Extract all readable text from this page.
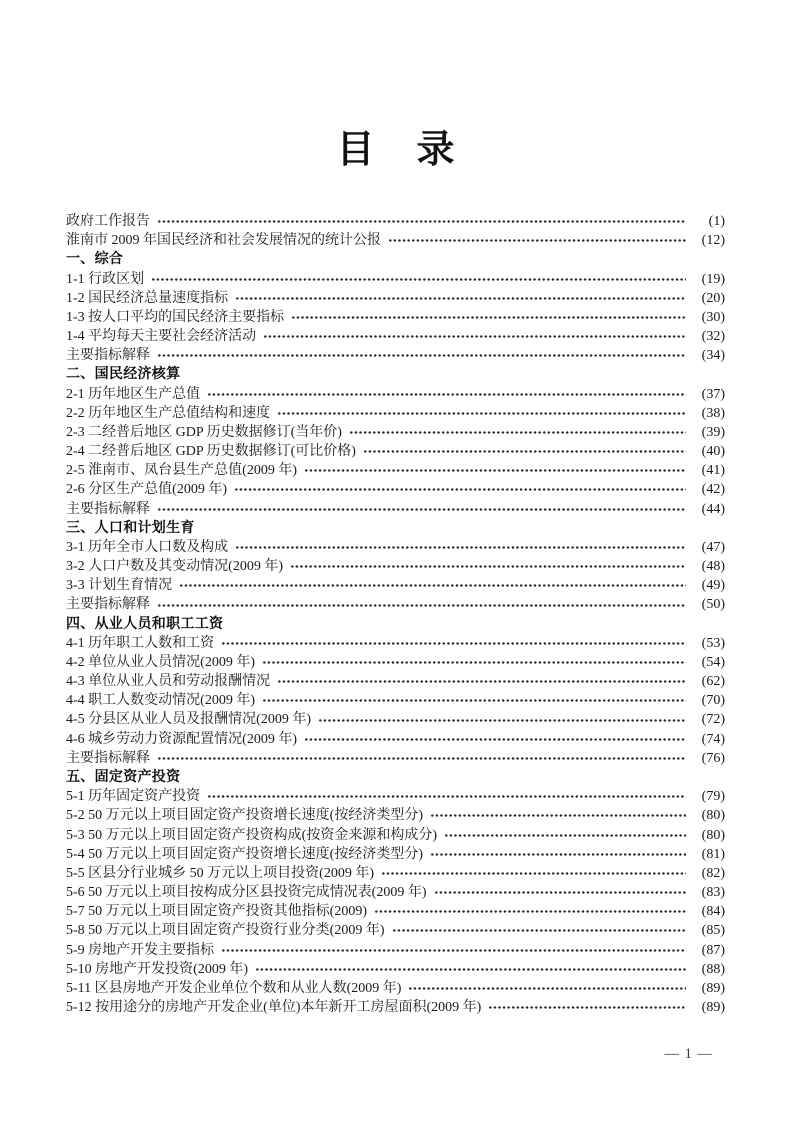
目　录
政府工作报告	(1)
淮南市 2009 年国民经济和社会发展情况的统计公报	(12)
一、综合
1-1 行政区划	(19)
1-2 国民经济总量速度指标	(20)
1-3 按人口平均的国民经济主要指标	(30)
1-4 平均每天主要社会经济活动	(32)
主要指标解释	(34)
二、国民经济核算
2-1 历年地区生产总值	(37)
2-2 历年地区生产总值结构和速度	(38)
2-3 二经普后地区 GDP 历史数据修订(当年价)	(39)
2-4 二经普后地区 GDP 历史数据修订(可比价格)	(40)
2-5 淮南市、凤台县生产总值(2009 年)	(41)
2-6 分区生产总值(2009 年)	(42)
主要指标解释	(44)
三、人口和计划生育
3-1 历年全市人口数及构成	(47)
3-2 人口户数及其变动情况(2009 年)	(48)
3-3 计划生育情况	(49)
主要指标解释	(50)
四、从业人员和职工工资
4-1 历年职工人数和工资	(53)
4-2 单位从业人员情况(2009 年)	(54)
4-3 单位从业人员和劳动报酬情况	(62)
4-4 职工人数变动情况(2009 年)	(70)
4-5 分县区从业人员及报酬情况(2009 年)	(72)
4-6 城乡劳动力资源配置情况(2009 年)	(74)
主要指标解释	(76)
五、固定资产投资
5-1 历年固定资产投资	(79)
5-2 50 万元以上项目固定资产投资增长速度(按经济类型分)	(80)
5-3 50 万元以上项目固定资产投资构成(按资金来源和构成分)	(80)
5-4 50 万元以上项目固定资产投资增长速度(按经济类型分)	(81)
5-5 区县分行业城乡 50 万元以上项目投资(2009 年)	(82)
5-6 50 万元以上项目按构成分区县投资完成情况表(2009 年)	(83)
5-7 50 万元以上项目固定资产投资其他指标(2009)	(84)
5-8 50 万元以上项目固定资产投资行业分类(2009 年)	(85)
5-9 房地产开发主要指标	(87)
5-10 房地产开发投资(2009 年)	(88)
5-11 区县房地产开发企业单位个数和从业人数(2009 年)	(89)
5-12 按用途分的房地产开发企业(单位)本年新开工房屋面积(2009 年)	(89)
— 1 —
